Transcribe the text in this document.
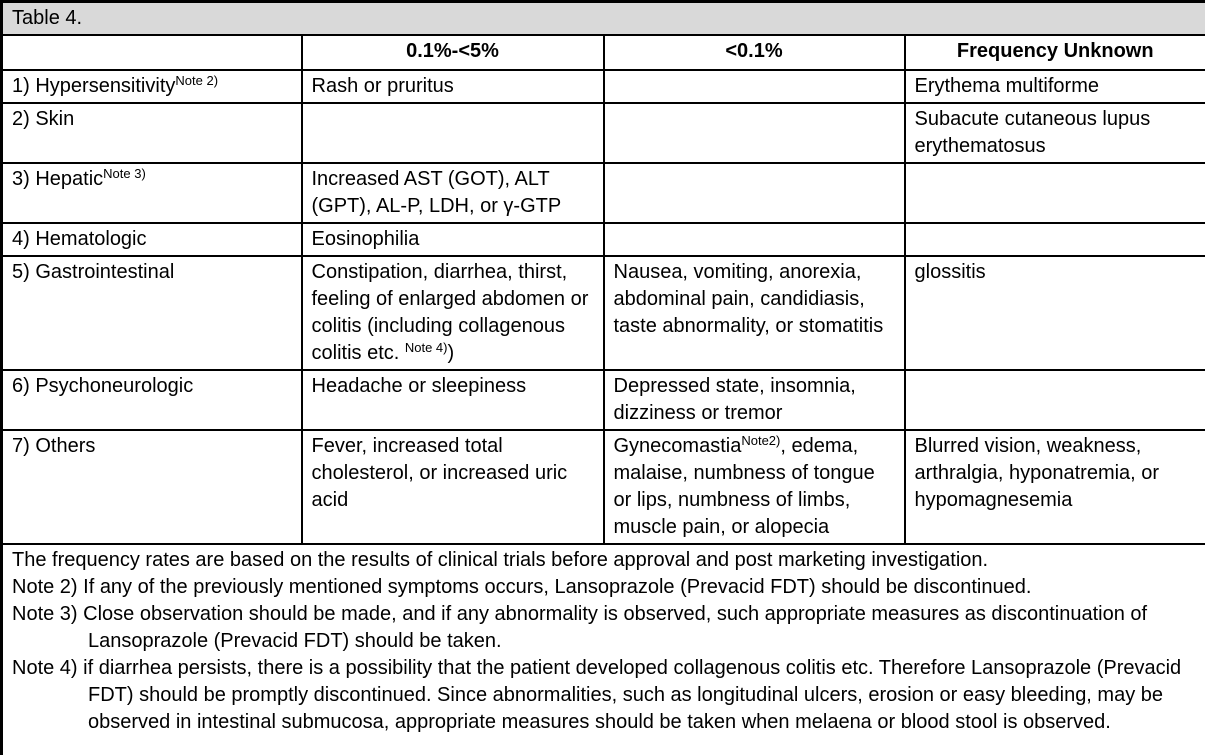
Table 4.			
	0.1%-<5%	<0.1%	Frequency Unknown
1) Hypersensitivity$^{Note 2)}$	Rash or pruritus		Erythema multiforme
2) Skin			Subacute cutaneous lupus erythematosus
3) Hepatic$^{Note 3)}$	Increased AST (GOT), ALT (GPT), AL-P, LDH, or γ-GTP		
4) Hematologic	Eosinophilia		
5) Gastrointestinal	Constipation, diarrhea, thirst, feeling of enlarged abdomen or colitis (including collagenous colitis etc. $^{Note 4)}$)	Nausea, vomiting, anorexia, abdominal pain, candidiasis, taste abnormality, or stomatitis	glossitis
6) Psychoneurologic	Headache or sleepiness	Depressed state, insomnia, dizziness or tremor	
7) Others	Fever, increased total cholesterol, or increased uric acid	Gynecomastia$^{Note2)}$, edema, malaise, numbness of tongue or lips, numbness of limbs, muscle pain, or alopecia	Blurred vision, weakness, arthralgia, hyponatremia, or hypomagnesemia

The frequency rates are based on the results of clinical trials before approval and post marketing investigation.

Note 2) If any of the previously mentioned symptoms occurs, Lansoprazole (Prevacid FDT) should be discontinued.

Note 3) Close observation should be made, and if any abnormality is observed, such appropriate measures as discontinuation of Lansoprazole (Prevacid FDT) should be taken.

Note 4) if diarrhea persists, there is a possibility that the patient developed collagenous colitis etc. Therefore Lansoprazole (Prevacid FDT) should be promptly discontinued. Since abnormalities, such as longitudinal ulcers, erosion or easy bleeding, may be observed in intestinal submucosa, appropriate measures should be taken when melaena or blood stool is observed.			
